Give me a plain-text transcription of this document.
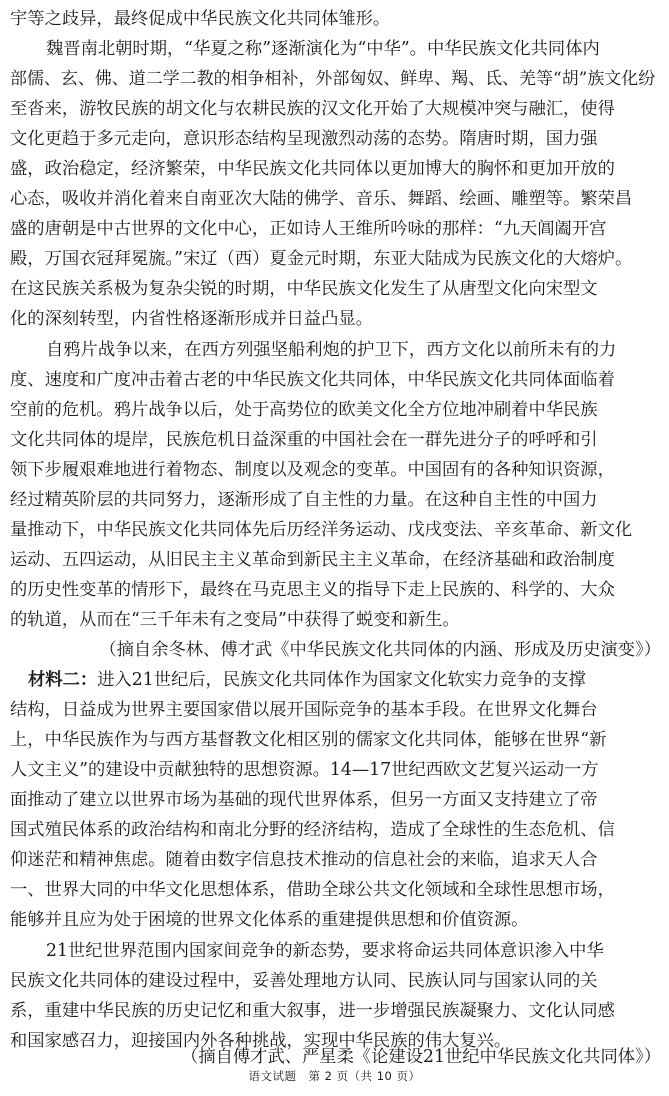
宇等之歧异，最终促成中华民族文化共同体雏形。
魏晋南北朝时期，“华夏之称”逐渐演化为“中华”。中华民族文化共同体内
部儒、玄、佛、道二学二教的相争相补，外部匈奴、鲜卑、羯、氐、羌等“胡”族文化纷
至沓来，游牧民族的胡文化与农耕民族的汉文化开始了大规模冲突与融汇，使得
文化更趋于多元走向，意识形态结构呈现激烈动荡的态势。隋唐时期，国力强
盛，政治稳定，经济繁荣，中华民族文化共同体以更加博大的胸怀和更加开放的
心态，吸收并消化着来自南亚次大陆的佛学、音乐、舞蹈、绘画、雕塑等。繁荣昌
盛的唐朝是中古世界的文化中心，正如诗人王维所吟咏的那样：“九天阊阖开宫
殿，万国衣冠拜冕旒。”宋辽（西）夏金元时期，东亚大陆成为民族文化的大熔炉。
在这民族关系极为复杂尖锐的时期，中华民族文化发生了从唐型文化向宋型文
化的深刻转型，内省性格逐渐形成并日益凸显。
自鸦片战争以来，在西方列强坚船利炮的护卫下，西方文化以前所未有的力
度、速度和广度冲击着古老的中华民族文化共同体，中华民族文化共同体面临着
空前的危机。鸦片战争以后，处于高势位的欧美文化全方位地冲刷着中华民族
文化共同体的堤岸，民族危机日益深重的中国社会在一群先进分子的呼呼和引
领下步履艰难地进行着物态、制度以及观念的变革。中国固有的各种知识资源，
经过精英阶层的共同努力，逐渐形成了自主性的力量。在这种自主性的中国力
量推动下，中华民族文化共同体先后历经洋务运动、戊戌变法、辛亥革命、新文化
运动、五四运动，从旧民主主义革命到新民主主义革命，在经济基础和政治制度
的历史性变革的情形下，最终在马克思主义的指导下走上民族的、科学的、大众
的轨道，从而在“三千年未有之变局”中获得了蜕变和新生。
（摘自余冬林、傅才武《中华民族文化共同体的内涵、形成及历史演变》）
材料二：进入21世纪后，民族文化共同体作为国家文化软实力竞争的支撑
结构，日益成为世界主要国家借以展开国际竞争的基本手段。在世界文化舞台
上，中华民族作为与西方基督教文化相区别的儒家文化共同体，能够在世界“新
人文主义”的建设中贡献独特的思想资源。14—17世纪西欧文艺复兴运动一方
面推动了建立以世界市场为基础的现代世界体系，但另一方面又支持建立了帝
国式殖民体系的政治结构和南北分野的经济结构，造成了全球性的生态危机、信
仰迷茫和精神焦虑。随着由数字信息技术推动的信息社会的来临，追求天人合
一、世界大同的中华文化思想体系，借助全球公共文化领域和全球性思想市场，
能够并且应为处于困境的世界文化体系的重建提供思想和价值资源。
21世纪世界范围内国家间竞争的新态势，要求将命运共同体意识渗入中华
民族文化共同体的建设过程中，妥善处理地方认同、民族认同与国家认同的关
系，重建中华民族的历史记忆和重大叙事，进一步增强民族凝聚力、文化认同感
和国家感召力，迎接国内外各种挑战，实现中华民族的伟大复兴。
语文试题　第 2 页（共 10 页）
（摘自傅才武、严星柔《论建设21世纪中华民族文化共同体》）
